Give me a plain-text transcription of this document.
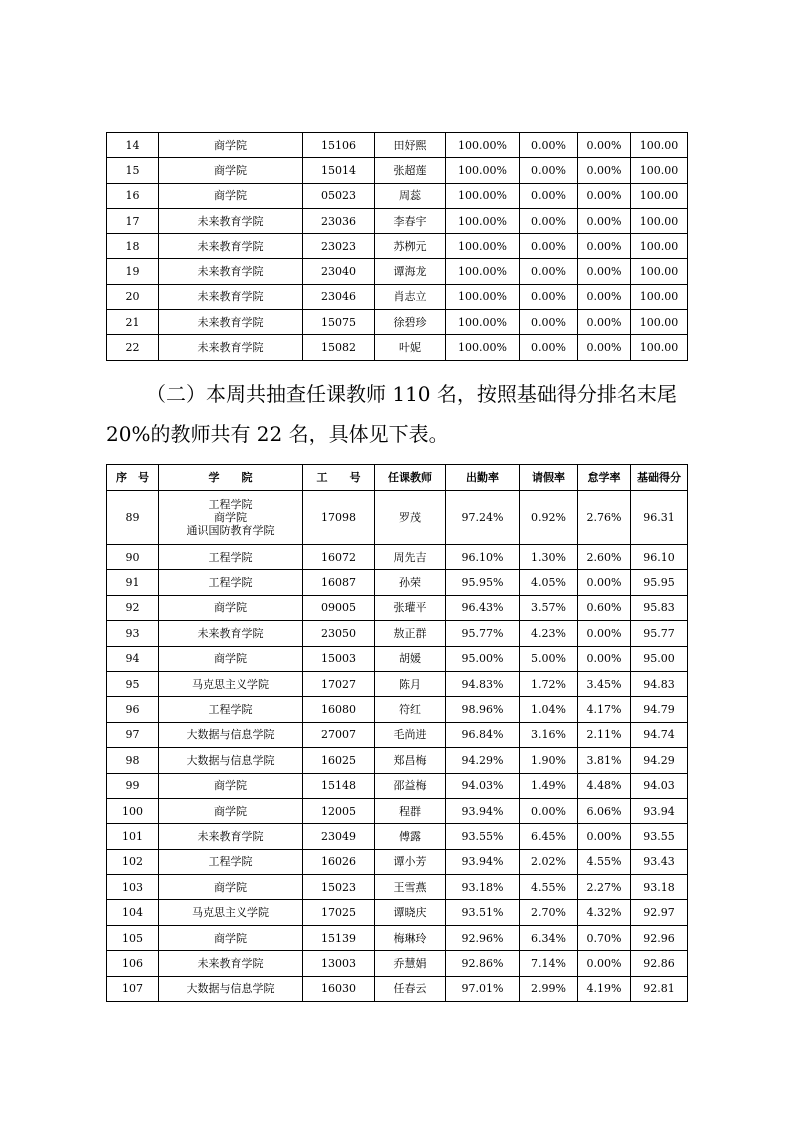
14	商学院	15106	田妤熙	100.00%	0.00%	0.00%	100.00
15	商学院	15014	张超莲	100.00%	0.00%	0.00%	100.00
16	商学院	05023	周蕊	100.00%	0.00%	0.00%	100.00
17	未来教育学院	23036	李春宇	100.00%	0.00%	0.00%	100.00
18	未来教育学院	23023	苏栁元	100.00%	0.00%	0.00%	100.00
19	未来教育学院	23040	谭海龙	100.00%	0.00%	0.00%	100.00
20	未来教育学院	23046	肖志立	100.00%	0.00%	0.00%	100.00
21	未来教育学院	15075	徐碧珍	100.00%	0.00%	0.00%	100.00
22	未来教育学院	15082	叶妮	100.00%	0.00%	0.00%	100.00
（二）本周共抽查任课教师 110 名，按照基础得分排名末尾
20%的教师共有 22 名，具体见下表。
序　号	学　　院	工　　号	任课教师	出勤率	请假率	怠学率	基础得分
89	工程学院
商学院
通识国防教育学院	17098	罗茂	97.24%	0.92%	2.76%	96.31
90	工程学院	16072	周先吉	96.10%	1.30%	2.60%	96.10
91	工程学院	16087	孙荣	95.95%	4.05%	0.00%	95.95
92	商学院	09005	张瓘平	96.43%	3.57%	0.60%	95.83
93	未来教育学院	23050	敖正群	95.77%	4.23%	0.00%	95.77
94	商学院	15003	胡媛	95.00%	5.00%	0.00%	95.00
95	马克思主义学院	17027	陈月	94.83%	1.72%	3.45%	94.83
96	工程学院	16080	符红	98.96%	1.04%	4.17%	94.79
97	大数据与信息学院	27007	毛尚进	96.84%	3.16%	2.11%	94.74
98	大数据与信息学院	16025	郑昌梅	94.29%	1.90%	3.81%	94.29
99	商学院	15148	邵益梅	94.03%	1.49%	4.48%	94.03
100	商学院	12005	程群	93.94%	0.00%	6.06%	93.94
101	未来教育学院	23049	傅露	93.55%	6.45%	0.00%	93.55
102	工程学院	16026	谭小芳	93.94%	2.02%	4.55%	93.43
103	商学院	15023	王雪燕	93.18%	4.55%	2.27%	93.18
104	马克思主义学院	17025	谭晓庆	93.51%	2.70%	4.32%	92.97
105	商学院	15139	梅琳玲	92.96%	6.34%	0.70%	92.96
106	未来教育学院	13003	乔慧娟	92.86%	7.14%	0.00%	92.86
107	大数据与信息学院	16030	任春云	97.01%	2.99%	4.19%	92.81
